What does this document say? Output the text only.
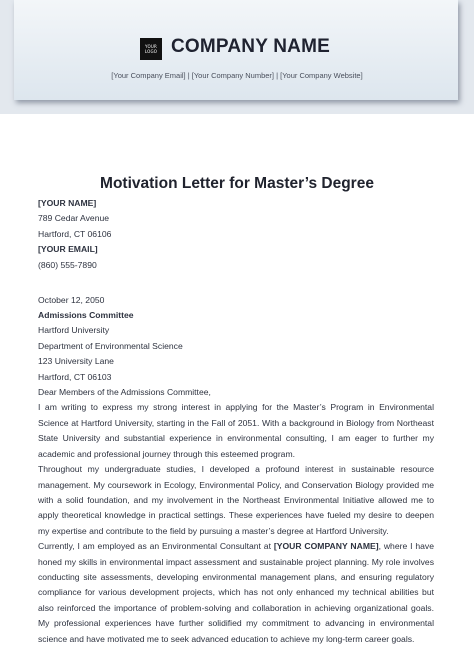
YOUR LOGO COMPANY NAME
[Your Company Email] | [Your Company Number] | [Your Company Website]
Motivation Letter for Master’s Degree
[YOUR NAME]
789 Cedar Avenue
Hartford, CT 06106
[YOUR EMAIL]
(860) 555-7890
October 12, 2050
Admissions Committee
Hartford University
Department of Environmental Science
123 University Lane
Hartford, CT 06103
Dear Members of the Admissions Committee,
I am writing to express my strong interest in applying for the Master’s Program in Environmental Science at Hartford University, starting in the Fall of 2051. With a background in Biology from Northeast State University and substantial experience in environmental consulting, I am eager to further my academic and professional journey through this esteemed program.
Throughout my undergraduate studies, I developed a profound interest in sustainable resource management. My coursework in Ecology, Environmental Policy, and Conservation Biology provided me with a solid foundation, and my involvement in the Northeast Environmental Initiative allowed me to apply theoretical knowledge in practical settings. These experiences have fueled my desire to deepen my expertise and contribute to the field by pursuing a master’s degree at Hartford University.
Currently, I am employed as an Environmental Consultant at [YOUR COMPANY NAME], where I have honed my skills in environmental impact assessment and sustainable project planning. My role involves conducting site assessments, developing environmental management plans, and ensuring regulatory compliance for various development projects, which has not only enhanced my technical abilities but also reinforced the importance of problem-solving and collaboration in achieving organizational goals. My professional experiences have further solidified my commitment to advancing in environmental science and have motivated me to seek advanced education to achieve my long-term career goals.
